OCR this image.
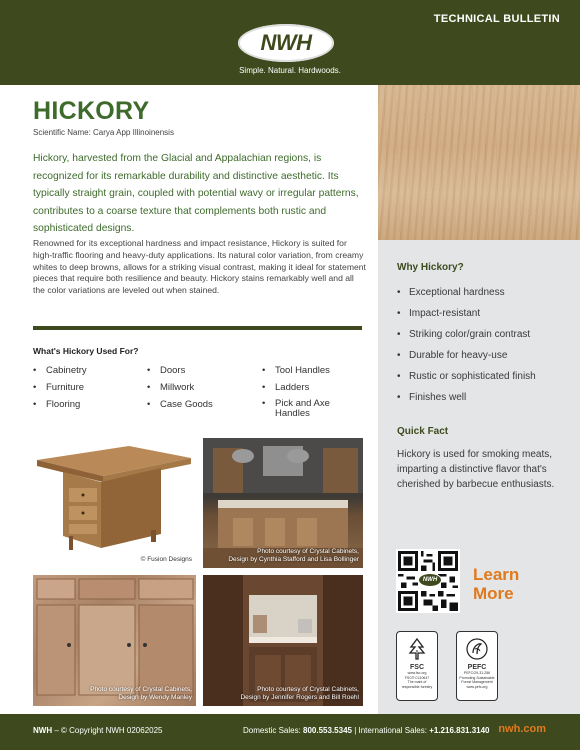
TECHNICAL BULLETIN
NWH
Simple. Natural. Hardwoods.
HICKORY
Scientific Name: Carya App Illinoinensis
Hickory, harvested from the Glacial and Appalachian regions, is recognized for its remarkable durability and distinctive aesthetic. Its typically straight grain, coupled with potential wavy or irregular patterns, contributes to a coarse texture that complements both rustic and sophisticated designs.
Renowned for its exceptional hardness and impact resistance, Hickory is suited for high-traffic flooring and heavy-duty applications. Its natural color variation, from creamy whites to deep browns, allows for a striking visual contrast, making it ideal for statement pieces that require both resilience and beauty. Hickory stains remarkably well and all the color variations are leveled out when stained.
What's Hickory Used For?
• Cabinetry
• Furniture
• Flooring
• Doors
• Millwork
• Case Goods
• Tool Handles
• Ladders
• Pick and Axe
Handles
© Fusion Designs
Photo courtesy of Crystal Cabinets,
Design by Cynthia Stafford and Lisa Bollinger
Photo courtesy of Crystal Cabinets,
Design by Wendy Manley
Photo courtesy of Crystal Cabinets,
Design by Jennifer Rogers and Bill Roehl
Why Hickory?
• Exceptional hardness
• Impact-resistant
• Striking color/grain contrast
• Durable for heavy-use
• Rustic or sophisticated finish
• Finishes well
Quick Fact
Hickory is used for smoking meats, imparting a distinctive flavor that's cherished by barbecue enthusiasts.
NWH Learn
More
FSC
www.fsc.org
FSC® C110647
The mark of responsible forestry
PEFC
PEFC/29-31-256
Promoting Sustainable Forest Management
www.pefc.org
NWH – © Copyright NWH 02062025	Domestic Sales: 800.553.5345 | International Sales: +1.216.831.3140 nwh.com
